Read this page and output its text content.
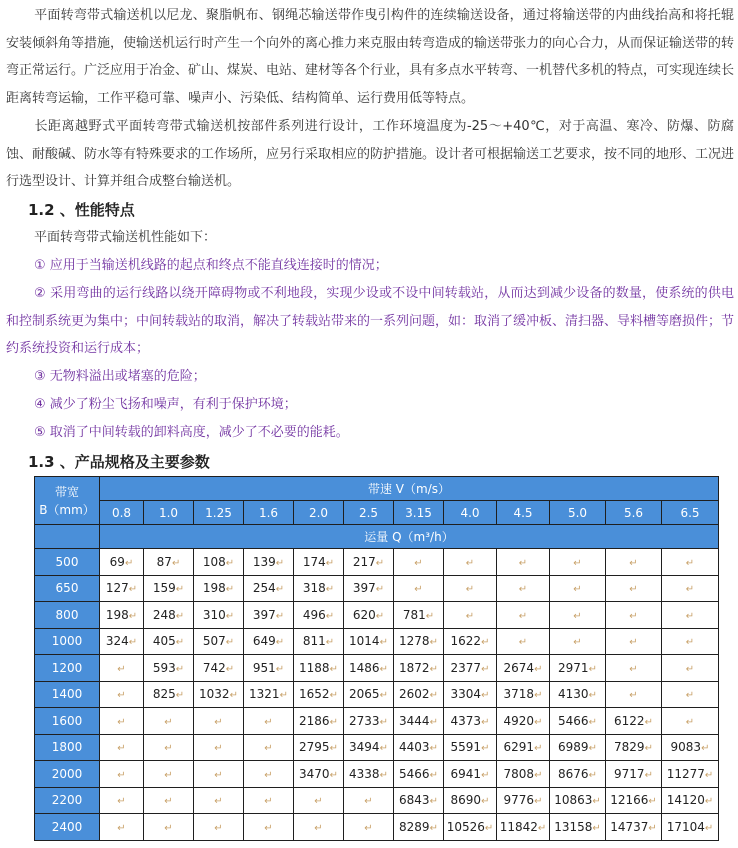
平面转弯带式输送机以尼龙、聚脂帆布、钢绳芯输送带作曳引构件的连续输送设备，通过将输送带的内曲线抬高和将托辊安装倾斜角等措施，使输送机运行时产生一个向外的离心推力来克服由转弯造成的输送带张力的向心合力，从而保证输送带的转弯正常运行。广泛应用于冶金、矿山、煤炭、电站、建材等各个行业，具有多点水平转弯、一机替代多机的特点，可实现连续长距离转弯运输，工作平稳可靠、噪声小、污染低、结构简单、运行费用低等特点。
长距离越野式平面转弯带式输送机按部件系列进行设计，工作环境温度为-25～+40℃，对于高温、寒冷、防爆、防腐蚀、耐酸碱、防水等有特殊要求的工作场所，应另行采取相应的防护措施。设计者可根据输送工艺要求，按不同的地形、工况进行选型设计、计算并组合成整台输送机。
1.2 、性能特点
平面转弯带式输送机性能如下：
① 应用于当输送机线路的起点和终点不能直线连接时的情况；
② 采用弯曲的运行线路以绕开障碍物或不利地段，实现少设或不设中间转载站，从而达到减少设备的数量，使系统的供电和控制系统更为集中；中间转载站的取消，解决了转载站带来的一系列问题，如：取消了缓冲板、清扫器、导料槽等磨损件；节约系统投资和运行成本；
③ 无物料溢出或堵塞的危险；
④ 减少了粉尘飞扬和噪声，有利于保护环境；
⑤ 取消了中间转载的卸料高度，减少了不必要的能耗。
1.3 、产品规格及主要参数
带宽
B（mm）	带速 V（m/s）											
	0.8	1.0	1.25	1.6	2.0	2.5	3.15	4.0	4.5	5.0	5.6	6.5
	运量 Q（m³/h）											
500	69↵	87↵	108↵	139↵	174↵	217↵	↵	↵	↵	↵	↵	↵
650	127↵	159↵	198↵	254↵	318↵	397↵	↵	↵	↵	↵	↵	↵
800	198↵	248↵	310↵	397↵	496↵	620↵	781↵	↵	↵	↵	↵	↵
1000	324↵	405↵	507↵	649↵	811↵	1014↵	1278↵	1622↵	↵	↵	↵	↵
1200	↵	593↵	742↵	951↵	1188↵	1486↵	1872↵	2377↵	2674↵	2971↵	↵	↵
1400	↵	825↵	1032↵	1321↵	1652↵	2065↵	2602↵	3304↵	3718↵	4130↵	↵	↵
1600	↵	↵	↵	↵	2186↵	2733↵	3444↵	4373↵	4920↵	5466↵	6122↵	↵
1800	↵	↵	↵	↵	2795↵	3494↵	4403↵	5591↵	6291↵	6989↵	7829↵	9083↵
2000	↵	↵	↵	↵	3470↵	4338↵	5466↵	6941↵	7808↵	8676↵	9717↵	11277↵
2200	↵	↵	↵	↵	↵	↵	6843↵	8690↵	9776↵	10863↵	12166↵	14120↵
2400	↵	↵	↵	↵	↵	↵	8289↵	10526↵	11842↵	13158↵	14737↵	17104↵
